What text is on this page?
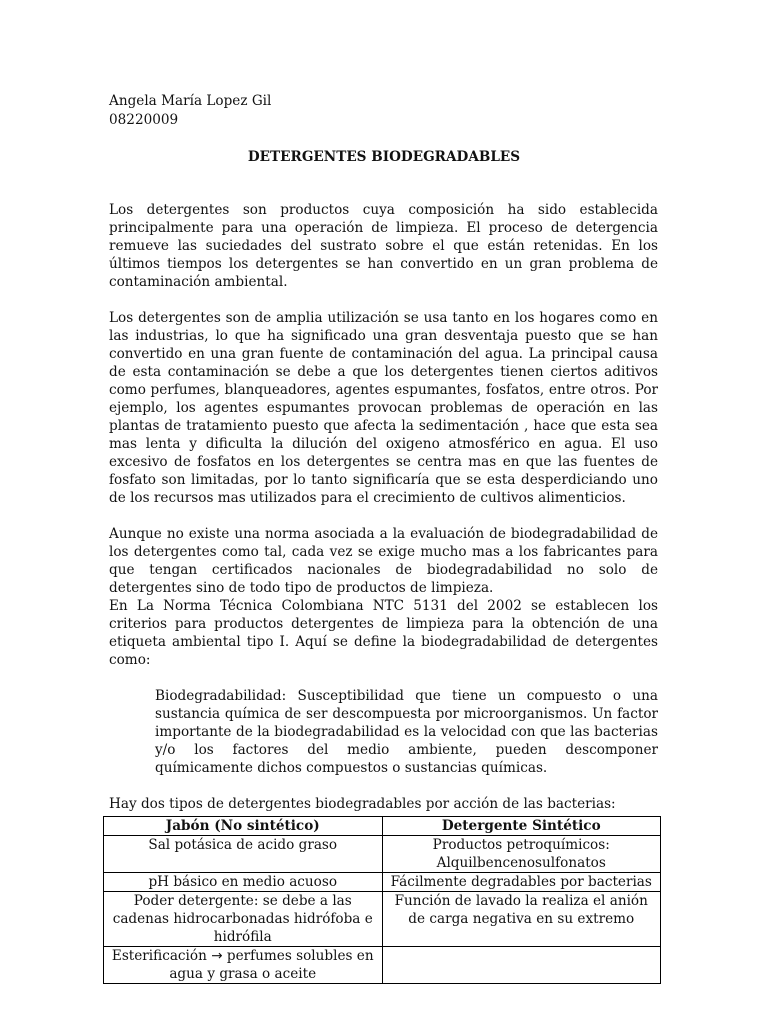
Angela María Lopez Gil
08220009
DETERGENTES BIODEGRADABLES

Los detergentes son productos cuya composición ha sido establecida principalmente para una operación de limpieza. El proceso de detergencia remueve las suciedades del sustrato sobre el que están retenidas. En los últimos tiempos los detergentes se han convertido en un gran problema de contaminación ambiental.

Los detergentes son de amplia utilización se usa tanto en los hogares como en las industrias, lo que ha significado una gran desventaja puesto que se han convertido en una gran fuente de contaminación del agua. La principal causa de esta contaminación se debe a que los detergentes tienen ciertos aditivos como perfumes, blanqueadores, agentes espumantes, fosfatos, entre otros. Por ejemplo, los agentes espumantes provocan problemas de operación en las plantas de tratamiento puesto que afecta la sedimentación , hace que esta sea mas lenta y dificulta la dilución del oxigeno atmosférico en agua. El uso excesivo de fosfatos en los detergentes se centra mas en que las fuentes de fosfato son limitadas, por lo tanto significaría que se esta desperdiciando uno de los recursos mas utilizados para el crecimiento de cultivos alimenticios.

Aunque no existe una norma asociada a la evaluación de biodegradabilidad de los detergentes como tal, cada vez se exige mucho mas a los fabricantes para que tengan certificados nacionales de biodegradabilidad no solo de detergentes sino de todo tipo de productos de limpieza.

En La Norma Técnica Colombiana NTC 5131 del 2002 se establecen los criterios para productos detergentes de limpieza para la obtención de una etiqueta ambiental tipo I. Aquí se define la biodegradabilidad de detergentes como:

Biodegradabilidad: Susceptibilidad que tiene un compuesto o una sustancia química de ser descompuesta por microorganismos. Un factor importante de la biodegradabilidad es la velocidad con que las bacterias y/o los factores del medio ambiente, pueden descomponer químicamente dichos compuestos o sustancias químicas.

Hay dos tipos de detergentes biodegradables por acción de las bacterias:

Jabón (No sintético)	Detergente Sintético
Sal potásica de acido graso	Productos petroquímicos: Alquilbencenosulfonatos
pH básico en medio acuoso	Fácilmente degradables por bacterias
Poder detergente: se debe a las cadenas hidrocarbonadas hidrófoba e hidrófila	Función de lavado la realiza el anión de carga negativa en su extremo
Esterificación → perfumes solubles en agua y grasa o aceite	
